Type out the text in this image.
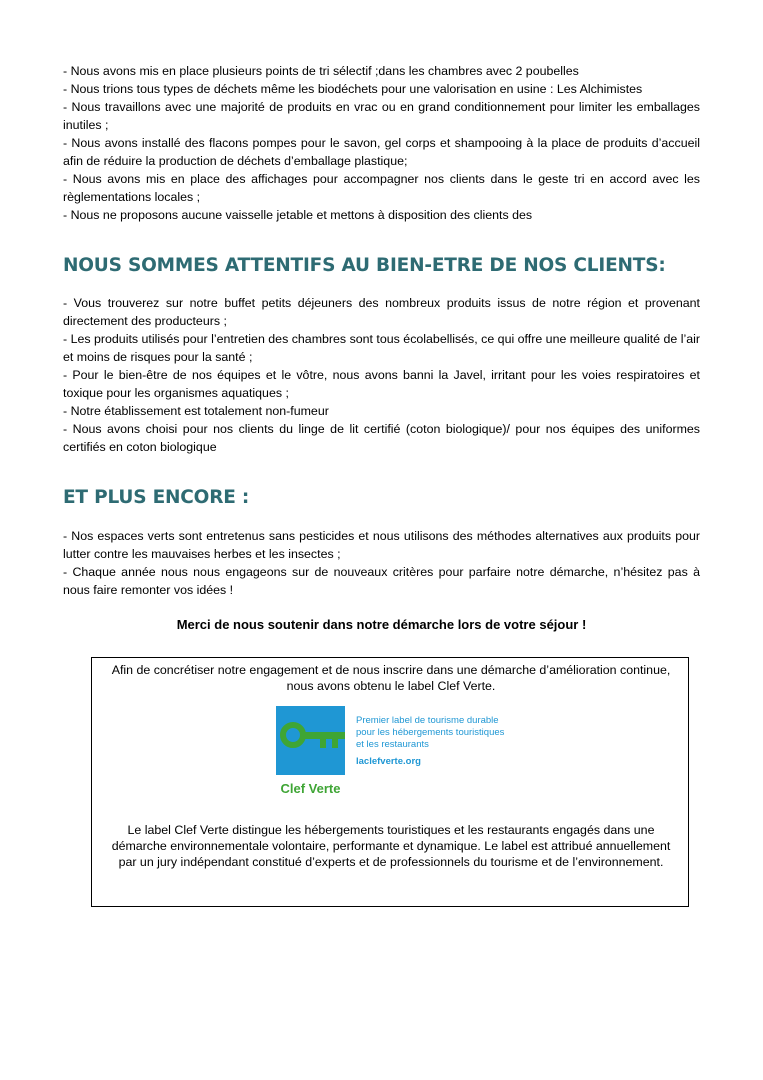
- Nous avons mis en place plusieurs points de tri sélectif ;dans les chambres avec 2 poubelles

- Nous trions tous types de déchets même les biodéchets pour une valorisation en usine : Les Alchimistes

- Nous travaillons avec une majorité de produits en vrac ou en grand conditionnement pour limiter les emballages inutiles ;

- Nous avons installé des flacons pompes pour le savon, gel corps et shampooing à la place de produits d’accueil afin de réduire la production de déchets d’emballage plastique;

- Nous avons mis en place des affichages pour accompagner nos clients dans le geste tri en accord avec les règlementations locales ;

- Nous ne proposons aucune vaisselle jetable et mettons à disposition des clients des

NOUS SOMMES ATTENTIFS AU BIEN-ETRE DE NOS CLIENTS:

- Vous trouverez sur notre buffet petits déjeuners des nombreux produits issus de notre région et provenant directement des producteurs ;

- Les produits utilisés pour l’entretien des chambres sont tous écolabellisés, ce qui offre une meilleure qualité de l’air et moins de risques pour la santé ;

- Pour le bien-être de nos équipes et le vôtre, nous avons banni la Javel, irritant pour les voies respiratoires et toxique pour les organismes aquatiques ;

- Notre établissement est totalement non-fumeur

- Nous avons choisi pour nos clients du linge de lit certifié (coton biologique)/ pour nos équipes des uniformes certifiés en coton biologique

ET PLUS ENCORE :

- Nos espaces verts sont entretenus sans pesticides et nous utilisons des méthodes alternatives aux produits pour lutter contre les mauvaises herbes et les insectes ;

- Chaque année nous nous engageons sur de nouveaux critères pour parfaire notre démarche, n’hésitez pas à nous faire remonter vos idées !

Merci de nous soutenir dans notre démarche lors de votre séjour !

Afin de concrétiser notre engagement et de nous inscrire dans une démarche d’amélioration continue, nous avons obtenu le label Clef Verte.

Clef Verte
Premier label de tourisme durable
pour les hébergements touristiques
et les restaurants
laclefverte.org

Le label Clef Verte distingue les hébergements touristiques et les restaurants engagés dans une démarche environnementale volontaire, performante et dynamique. Le label est attribué annuellement par un jury indépendant constitué d’experts et de professionnels du tourisme et de l’environnement.
